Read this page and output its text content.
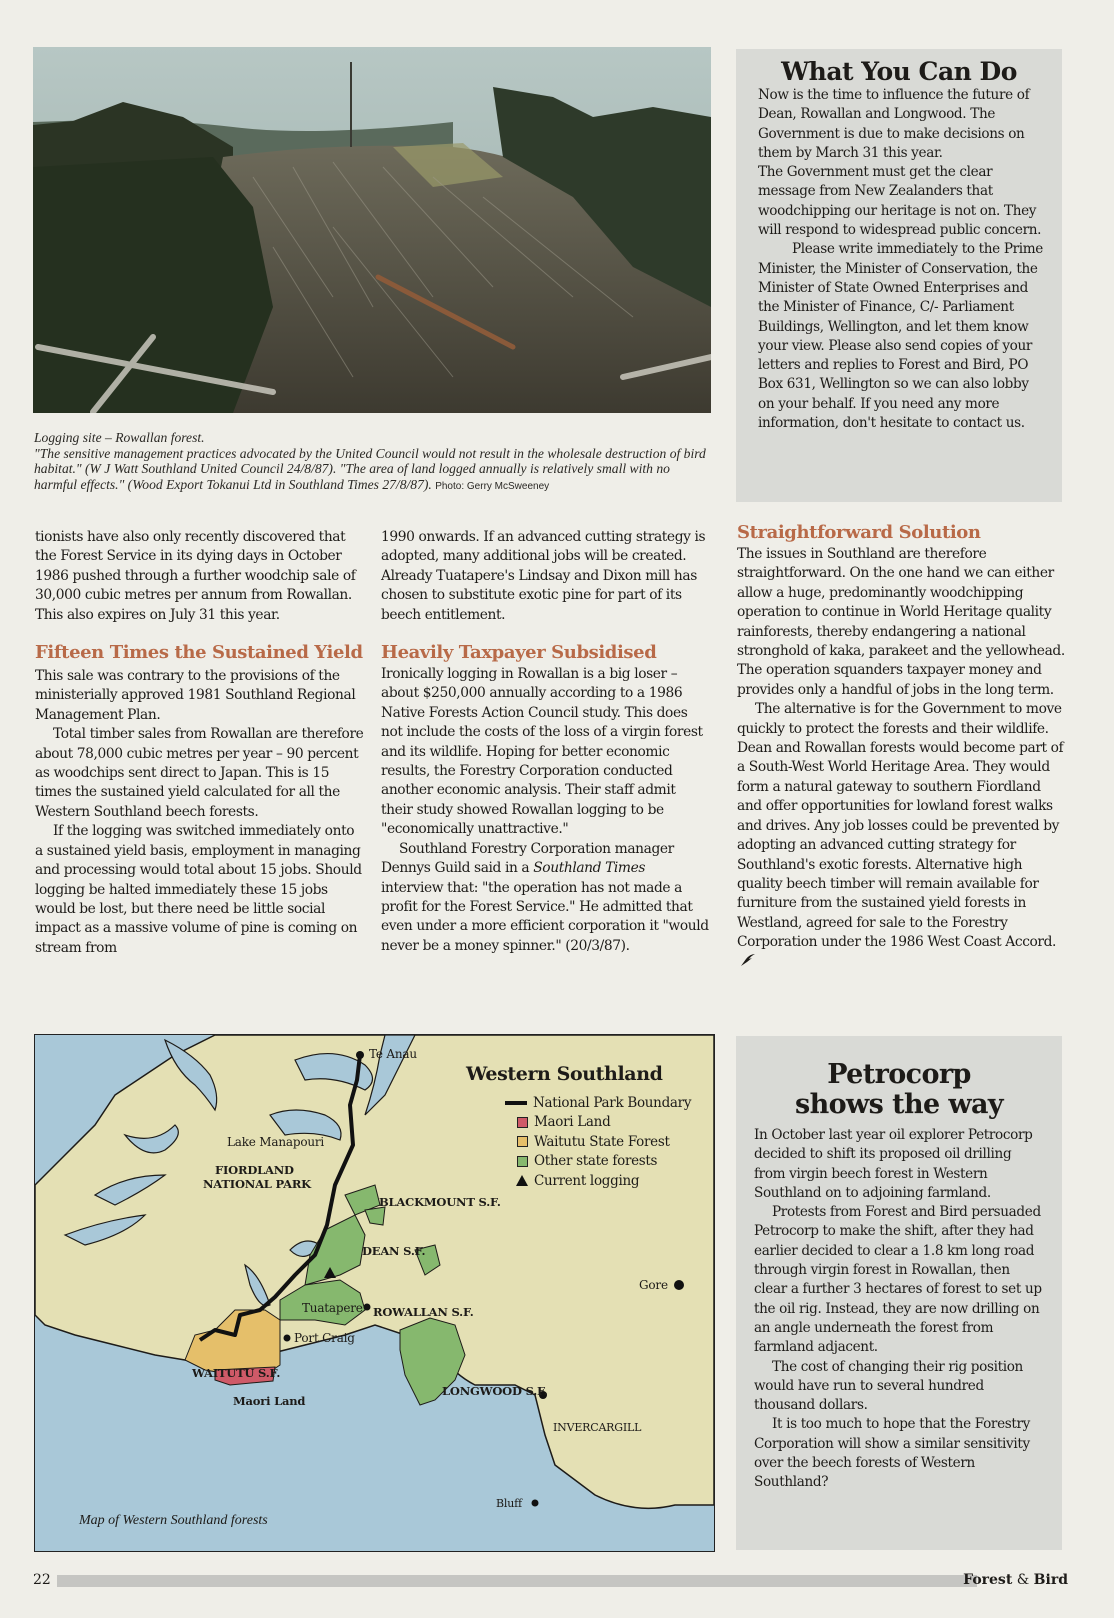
Logging site – Rowallan forest.
"The sensitive management practices advocated by the United Council would not result in the wholesale destruction of bird habitat." (W J Watt Southland United Council 24/8/87). "The area of land logged annually is relatively small with no harmful effects." (Wood Export Tokanui Ltd in Southland Times 27/8/87). Photo: Gerry McSweeney
What You Can Do

Now is the time to influence the future of Dean, Rowallan and Longwood. The Government is due to make decisions on them by March 31 this year.

The Government must get the clear message from New Zealanders that woodchipping our heritage is not on. They will respond to widespread public concern.

Please write immediately to the Prime Minister, the Minister of Conservation, the Minister of State Owned Enterprises and the Minister of Finance, C/- Parliament Buildings, Wellington, and let them know your view. Please also send copies of your letters and replies to Forest and Bird, PO Box 631, Wellington so we can also lobby on your behalf. If you need any more information, don't hesitate to contact us.

tionists have also only recently discovered that the Forest Service in its dying days in October 1986 pushed through a further woodchip sale of 30,000 cubic metres per annum from Rowallan. This also expires on July 31 this year.

Fifteen Times the Sustained Yield

This sale was contrary to the provisions of the ministerially approved 1981 Southland Regional Management Plan.

Total timber sales from Rowallan are therefore about 78,000 cubic metres per year – 90 percent as woodchips sent direct to Japan. This is 15 times the sustained yield calculated for all the Western Southland beech forests.

If the logging was switched immediately onto a sustained yield basis, employment in managing and processing would total about 15 jobs. Should logging be halted immediately these 15 jobs would be lost, but there need be little social impact as a massive volume of pine is coming on stream from

1990 onwards. If an advanced cutting strategy is adopted, many additional jobs will be created. Already Tuatapere's Lindsay and Dixon mill has chosen to substitute exotic pine for part of its beech entitlement.

Heavily Taxpayer Subsidised

Ironically logging in Rowallan is a big loser – about $250,000 annually according to a 1986 Native Forests Action Council study. This does not include the costs of the loss of a virgin forest and its wildlife. Hoping for better economic results, the Forestry Corporation conducted another economic analysis. Their staff admit their study showed Rowallan logging to be "economically unattractive."

Southland Forestry Corporation manager Dennys Guild said in a Southland Times interview that: "the operation has not made a profit for the Forest Service." He admitted that even under a more efficient corporation it "would never be a money spinner." (20/3/87).

Straightforward Solution

The issues in Southland are therefore straightforward. On the one hand we can either allow a huge, predominantly woodchipping operation to continue in World Heritage quality rainforests, thereby endangering a national stronghold of kaka, parakeet and the yellowhead. The operation squanders taxpayer money and provides only a handful of jobs in the long term.

The alternative is for the Government to move quickly to protect the forests and their wildlife. Dean and Rowallan forests would become part of a South-West World Heritage Area. They would form a natural gateway to southern Fiordland and offer opportunities for lowland forest walks and drives. Any job losses could be prevented by adopting an advanced cutting strategy for Southland's exotic forests. Alternative high quality beech timber will remain available for furniture from the sustained yield forests in Westland, agreed for sale to the Forestry Corporation under the 1986 West Coast Accord.

Western Southland
National Park Boundary
Maori Land
Waitutu State Forest
Other state forests
Current logging
Te Anau
Lake Manapouri
FIORDLAND
NATIONAL PARK
BLACKMOUNT S.F.
DEAN S.F.
ROWALLAN S.F.
Gore
Tuatapere
WAITUTU S.F.
Port Craig
Maori Land
LONGWOOD S.F.
INVERCARGILL
Bluff
Map of Western Southland forests
Petrocorp
shows the way

In October last year oil explorer Petrocorp decided to shift its proposed oil drilling from virgin beech forest in Western Southland on to adjoining farmland.

Protests from Forest and Bird persuaded Petrocorp to make the shift, after they had earlier decided to clear a 1.8 km long road through virgin forest in Rowallan, then clear a further 3 hectares of forest to set up the oil rig. Instead, they are now drilling on an angle underneath the forest from farmland adjacent.

The cost of changing their rig position would have run to several hundred thousand dollars.

It is too much to hope that the Forestry Corporation will show a similar sensitivity over the beech forests of Western Southland?

22	Forest & Bird
